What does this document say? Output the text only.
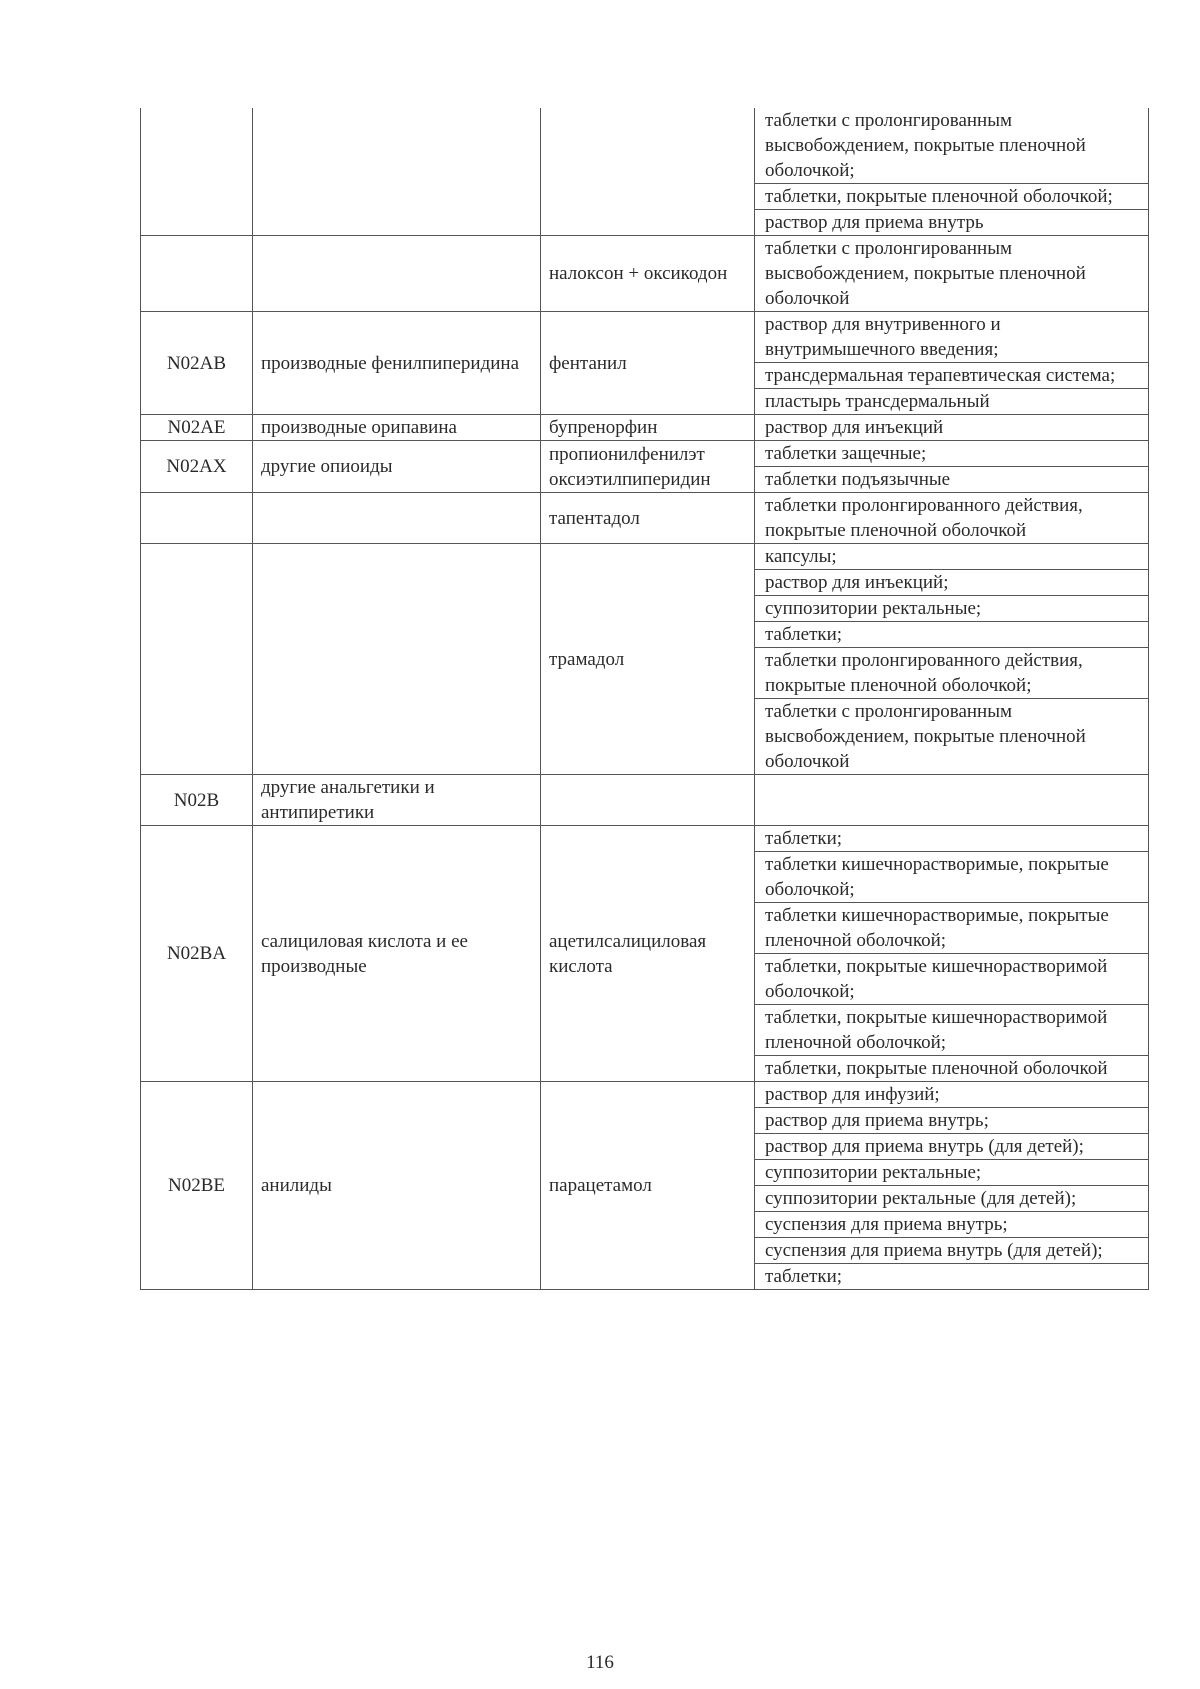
			таблетки с пролонгированным высвобождением, покрытые пленочной оболочкой;
			таблетки, покрытые пленочной оболочкой;
			раствор для приема внутрь
		налоксон + оксикодон	таблетки с пролонгированным высвобождением, покрытые пленочной оболочкой
N02AB	производные фенилпиперидина	фентанил	раствор для внутривенного и внутримышечного введения;
			трансдермальная терапевтическая система;
			пластырь трансдермальный
N02AE	производные орипавина	бупренорфин	раствор для инъекций
N02AX	другие опиоиды	пропионилфенилэт​оксиэтилпиперидин	таблетки защечные;
			таблетки подъязычные
		тапентадол	таблетки пролонгированного действия, покрытые пленочной оболочкой
		трамадол	капсулы;
			раствор для инъекций;
			суппозитории ректальные;
			таблетки;
			таблетки пролонгированного действия, покрытые пленочной оболочкой;
			таблетки с пролонгированным высвобождением, покрытые пленочной оболочкой
N02B	другие анальгетики и антипиретики		
N02BA	салициловая кислота и ее производные	ацетилсалициловая кислота	таблетки;
			таблетки кишечнорастворимые, покрытые оболочкой;
			таблетки кишечнорастворимые, покрытые пленочной оболочкой;
			таблетки, покрытые кишечнорастворимой оболочкой;
			таблетки, покрытые кишечнорастворимой пленочной оболочкой;
			таблетки, покрытые пленочной оболочкой
N02BE	анилиды	парацетамол	раствор для инфузий;
			раствор для приема внутрь;
			раствор для приема внутрь (для детей);
			суппозитории ректальные;
			суппозитории ректальные (для детей);
			суспензия для приема внутрь;
			суспензия для приема внутрь (для детей);
			таблетки;
116
